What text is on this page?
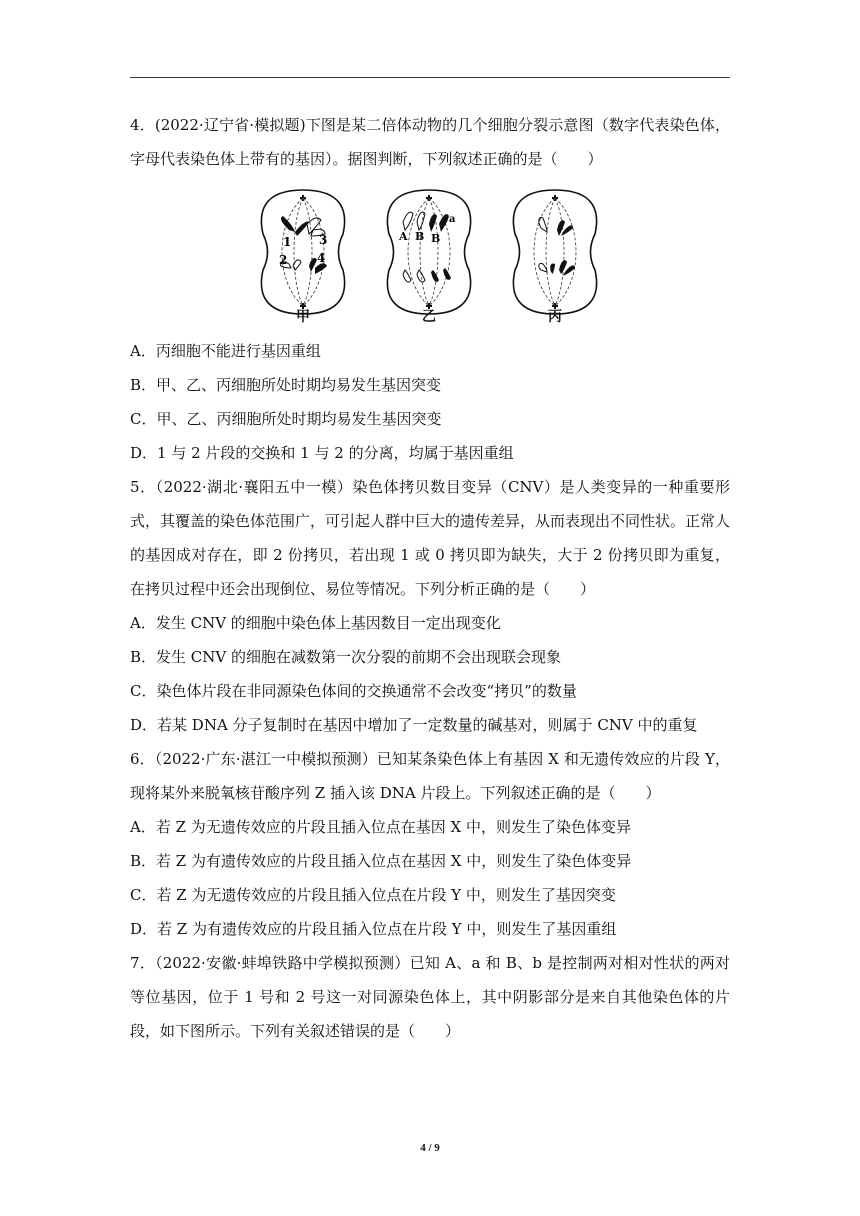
4．(2022·辽宁省·模拟题)下图是某二倍体动物的几个细胞分裂示意图（数字代表染色体，字母代表染色体上带有的基因）。据图判断，下列叙述正确的是（　　）

1
2
3
4
A B B
a
甲	乙	丙

A．丙细胞不能进行基因重组

B．甲、乙、丙细胞所处时期均易发生基因突变

C．甲、乙、丙细胞所处时期均易发生基因突变

D．1 与 2 片段的交换和 1 与 2 的分离，均属于基因重组

5．（2022·湖北·襄阳五中一模）染色体拷贝数目变异（CNV）是人类变异的一种重要形式，其覆盖的染色体范围广，可引起人群中巨大的遗传差异，从而表现出不同性状。正常人的基因成对存在，即 2 份拷贝，若出现 1 或 0 拷贝即为缺失，大于 2 份拷贝即为重复，在拷贝过程中还会出现倒位、易位等情况。下列分析正确的是（　　）

A．发生 CNV 的细胞中染色体上基因数目一定出现变化

B．发生 CNV 的细胞在减数第一次分裂的前期不会出现联会现象

C．染色体片段在非同源染色体间的交换通常不会改变“拷贝”的数量

D．若某 DNA 分子复制时在基因中增加了一定数量的碱基对，则属于 CNV 中的重复

6．（2022·广东·湛江一中模拟预测）已知某条染色体上有基因 X 和无遗传效应的片段 Y，现将某外来脱氧核苷酸序列 Z 插入该 DNA 片段上。下列叙述正确的是（　　）

A．若 Z 为无遗传效应的片段且插入位点在基因 X 中，则发生了染色体变异

B．若 Z 为有遗传效应的片段且插入位点在基因 X 中，则发生了染色体变异

C．若 Z 为无遗传效应的片段且插入位点在片段 Y 中，则发生了基因突变

D．若 Z 为有遗传效应的片段且插入位点在片段 Y 中，则发生了基因重组

7．（2022·安徽·蚌埠铁路中学模拟预测）已知 A、a 和 B、b 是控制两对相对性状的两对等位基因，位于 1 号和 2 号这一对同源染色体上，其中阴影部分是来自其他染色体的片段，如下图所示。下列有关叙述错误的是（　　）

4 / 9
